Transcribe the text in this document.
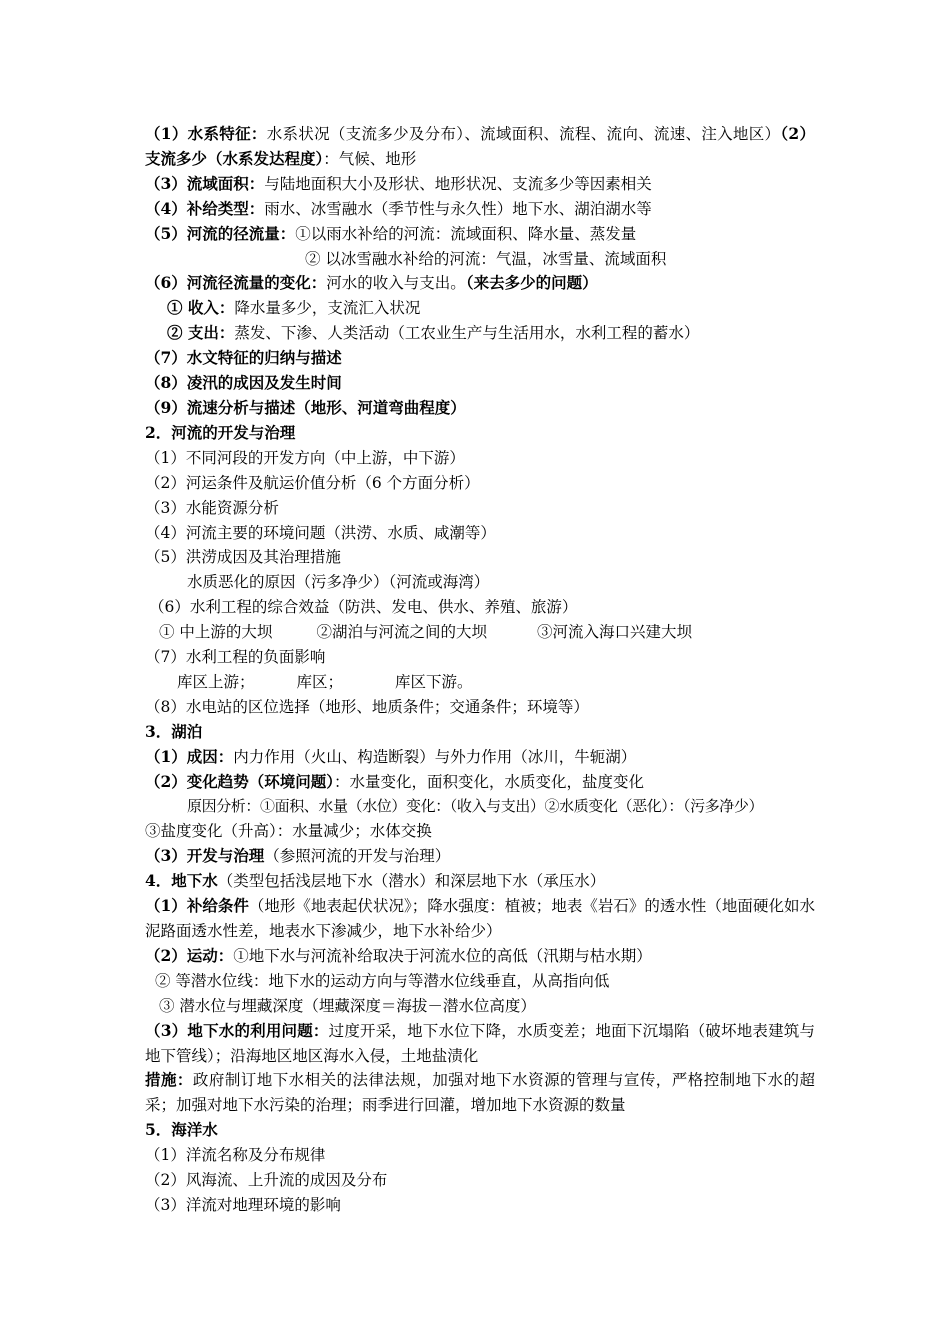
（1）水系特征：水系状况（支流多少及分布）、流域面积、流程、流向、流速、注入地区）（2）支流多少（水系发达程度）：气候、地形
（3）流域面积：与陆地面积大小及形状、地形状况、支流多少等因素相关
（4）补给类型：雨水、冰雪融水（季节性与永久性）地下水、湖泊湖水等
（5）河流的径流量：①以雨水补给的河流：流域面积、降水量、蒸发量
② 以冰雪融水补给的河流：气温，冰雪量、流域面积
（6）河流径流量的变化：河水的收入与支出。（来去多少的问题）
① 收入：降水量多少，支流汇入状况
② 支出：蒸发、下渗、人类活动（工农业生产与生活用水，水利工程的蓄水）
（7）水文特征的归纳与描述
（8）凌汛的成因及发生时间
（9）流速分析与描述（地形、河道弯曲程度）
2．河流的开发与治理
（1）不同河段的开发方向（中上游，中下游）
（2）河运条件及航运价值分析（6 个方面分析）
（3）水能资源分析
（4）河流主要的环境问题（洪涝、水质、咸潮等）
（5）洪涝成因及其治理措施
水质恶化的原因（污多净少）（河流或海湾）
（6）水利工程的综合效益（防洪、发电、供水、养殖、旅游）
① 中上游的大坝	②湖泊与河流之间的大坝	③河流入海口兴建大坝
（7）水利工程的负面影响
库区上游；	库区；	库区下游。
（8）水电站的区位选择（地形、地质条件；交通条件；环境等）
3．湖泊
（1）成因：内力作用（火山、构造断裂）与外力作用（冰川，牛轭湖）
（2）变化趋势（环境问题）：水量变化，面积变化，水质变化，盐度变化
原因分析：①面积、水量（水位）变化：（收入与支出）②水质变化（恶化）：（污多净少）
③盐度变化（升高）：水量减少；水体交换
（3）开发与治理（参照河流的开发与治理）
4．地下水（类型包括浅层地下水（潜水）和深层地下水（承压水）
（1）补给条件（地形《地表起伏状况》；降水强度：植被；地表《岩石》的透水性（地面硬化如水泥路面透水性差，地表水下渗减少，地下水补给少）
（2）运动：①地下水与河流补给取决于河流水位的高低（汛期与枯水期）
② 等潜水位线：地下水的运动方向与等潜水位线垂直，从高指向低
③ 潜水位与埋藏深度（埋藏深度＝海拔－潜水位高度）
（3）地下水的利用问题：过度开采，地下水位下降，水质变差；地面下沉塌陷（破坏地表建筑与地下管线）；沿海地区地区海水入侵，土地盐渍化
措施：政府制订地下水相关的法律法规，加强对地下水资源的管理与宣传，严格控制地下水的超采；加强对地下水污染的治理；雨季进行回灌，增加地下水资源的数量
5．海洋水
（1）洋流名称及分布规律
（2）风海流、上升流的成因及分布
（3）洋流对地理环境的影响
